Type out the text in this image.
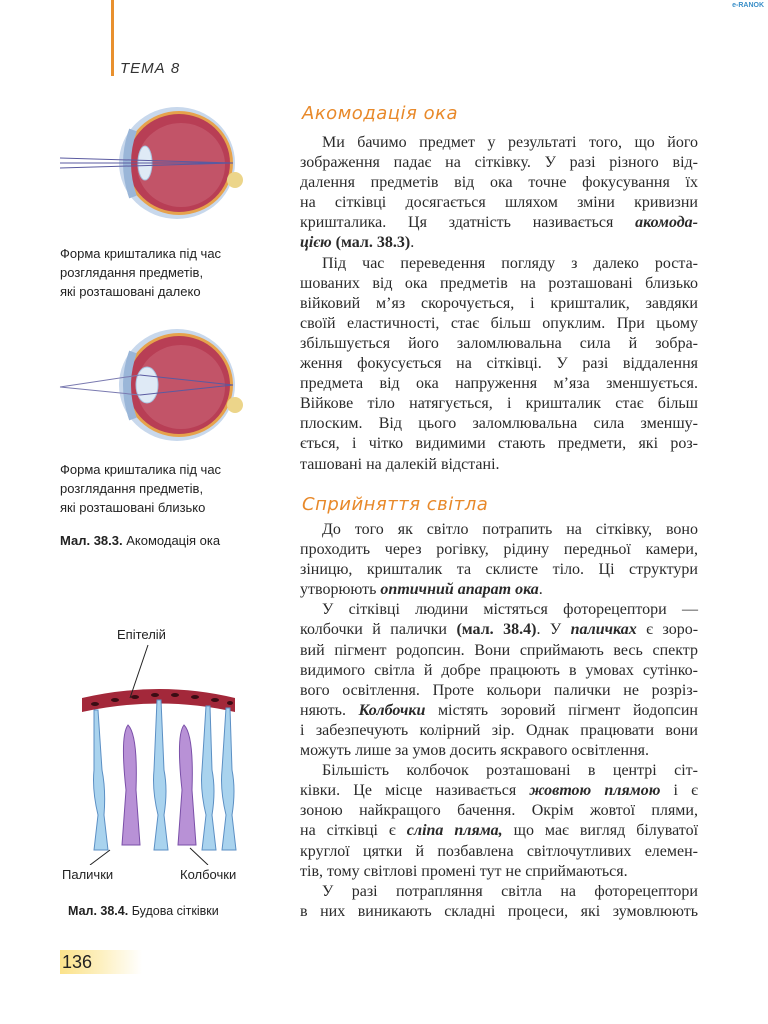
ТЕМА 8
e-RANOK
Форма кришталика під час
розглядання предметів,
які розташовані далеко
Форма кришталика під час
розглядання предметів,
які розташовані близько
Мал. 38.3. Акомодація ока
Епітелій
Палички	Колбочки
Мал. 38.4. Будова сітківки
136
Акомодація ока
Ми бачимо предмет у результаті того, що його
зображення падає на сітківку. У разі різного від-
далення предметів від ока точне фокусування їх
на сітківці досягається шляхом зміни кривизни
кришталика. Ця здатність називається акомода-
цією (мал. 38.3).
Під час переведення погляду з далеко роста-
шованих від ока предметів на розташовані близько
війковий м’яз скорочується, і кришталик, завдяки
своїй еластичності, стає більш опуклим. При цьому
збільшується його заломлювальна сила й зобра-
ження фокусується на сітківці. У разі віддалення
предмета від ока напруження м’яза зменшується.
Війкове тіло натягується, і кришталик стає більш
плоским. Від цього заломлювальна сила зменшу-
ється, і чітко видимими стають предмети, які роз-
ташовані на далекій відстані.
Сприйняття світла
До того як світло потрапить на сітківку, воно
проходить через рогівку, рідину передньої камери,
зіницю, кришталик та склисте тіло. Ці структури
утворюють оптичний апарат ока.
У сітківці людини містяться фоторецептори —
колбочки й палички (мал. 38.4). У паличках є зоро-
вий пігмент родопсин. Вони сприймають весь спектр
видимого світла й добре працюють в умовах сутінко-
вого освітлення. Проте кольори палички не розріз-
няють. Колбочки містять зоровий пігмент йодопсин
і забезпечують колірний зір. Однак працювати вони
можуть лише за умов досить яскравого освітлення.
Більшість колбочок розташовані в центрі сіт-
ківки. Це місце називається жовтою плямою і є
зоною найкращого бачення. Окрім жовтої плями,
на сітківці є сліпа пляма, що має вигляд білуватої
круглої цятки й позбавлена світлочутливих елемен-
тів, тому світлові промені тут не сприймаються.
У разі потрапляння світла на фоторецептори
в них виникають складні процеси, які зумовлюють
